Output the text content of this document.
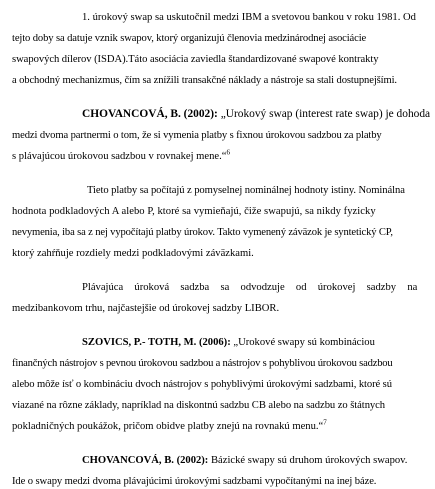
1. úrokový swap sa uskutočnil medzi IBM a svetovou bankou v roku 1981. Od
tejto doby sa datuje vznik swapov, ktorý organizujú členovia medzinárodnej asociácie
swapových dílerov (ISDA).Táto asociácia zaviedla štandardizované swapové kontrakty
a obchodný mechanizmus, čím sa znížili transakčné náklady a nástroje sa stali dostupnejšími.
CHOVANCOVÁ, B. (2002): „Urokový swap (interest rate swap) je dohoda
medzi dvoma partnermi o tom, že si vymenia platby s fixnou úrokovou sadzbou za platby
s plávajúcou úrokovou sadzbou v rovnakej mene.“$^6$
Tieto platby sa počítajú z pomyselnej nominálnej hodnoty istiny. Nominálna
hodnota podkladových A alebo P, ktoré sa vymieňajú, čiže swapujú, sa nikdy fyzicky
nevymenia, iba sa z nej vypočítajú platby úrokov. Takto vymenený záväzok je syntetický CP,
ktorý zahŕňuje rozdiely medzi podkladovými záväzkami.
Plávajúca úroková sadzba sa odvodzuje od úrokovej sadzby na
medzibankovom trhu, najčastejšie od úrokovej sadzby LIBOR.
SZOVICS, P.- TOTH, M. (2006): „Urokové swapy sú kombináciou
finančných nástrojov s pevnou úrokovou sadzbou a nástrojov s pohyblivou úrokovou sadzbou
alebo môže ísť o kombináciu dvoch nástrojov s pohyblivými úrokovými sadzbami, ktoré sú
viazané na rôzne základy, napríklad na diskontnú sadzbu CB alebo na sadzbu zo štátnych
pokladničných poukážok, pričom obidve platby znejú na rovnakú menu.“$^7$
CHOVANCOVÁ, B. (2002): Bázické swapy sú druhom úrokových swapov.
Ide o swapy medzi dvoma plávajúcimi úrokovými sadzbami vypočítanými na inej báze.
